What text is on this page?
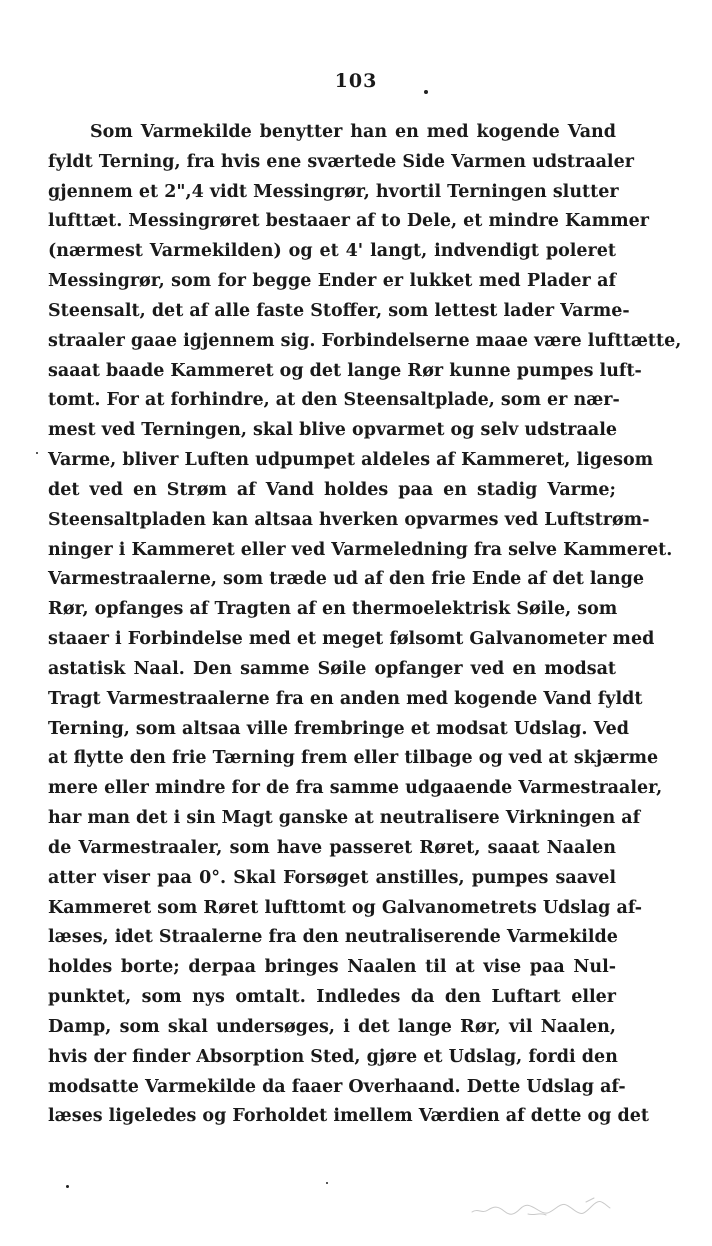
103
Som Varmekilde benytter han en med kogende Vand
fyldt Terning, fra hvis ene sværtede Side Varmen udstraaler
gjennem et 2",4 vidt Messingrør, hvortil Terningen slutter
lufttæt. Messingrøret bestaaer af to Dele, et mindre Kammer
(nærmest Varmekilden) og et 4' langt, indvendigt poleret
Messingrør, som for begge Ender er lukket med Plader af
Steensalt, det af alle faste Stoffer, som lettest lader Varme-
straaler gaae igjennem sig. Forbindelserne maae være lufttætte,
saaat baade Kammeret og det lange Rør kunne pumpes luft-
tomt. For at forhindre, at den Steensaltplade, som er nær-
mest ved Terningen, skal blive opvarmet og selv udstraale
Varme, bliver Luften udpumpet aldeles af Kammeret, ligesom
det ved en Strøm af Vand holdes paa en stadig Varme;
Steensaltpladen kan altsaa hverken opvarmes ved Luftstrøm-
ninger i Kammeret eller ved Varmeledning fra selve Kammeret.
Varmestraalerne, som træde ud af den frie Ende af det lange
Rør, opfanges af Tragten af en thermoelektrisk Søile, som
staaer i Forbindelse med et meget følsomt Galvanometer med
astatisk Naal. Den samme Søile opfanger ved en modsat
Tragt Varmestraalerne fra en anden med kogende Vand fyldt
Terning, som altsaa ville frembringe et modsat Udslag. Ved
at flytte den frie Tærning frem eller tilbage og ved at skjærme
mere eller mindre for de fra samme udgaaende Varmestraaler,
har man det i sin Magt ganske at neutralisere Virkningen af
de Varmestraaler, som have passeret Røret, saaat Naalen
atter viser paa 0°. Skal Forsøget anstilles, pumpes saavel
Kammeret som Røret lufttomt og Galvanometrets Udslag af-
læses, idet Straalerne fra den neutraliserende Varmekilde
holdes borte; derpaa bringes Naalen til at vise paa Nul-
punktet, som nys omtalt. Indledes da den Luftart eller
Damp, som skal undersøges, i det lange Rør, vil Naalen,
hvis der finder Absorption Sted, gjøre et Udslag, fordi den
modsatte Varmekilde da faaer Overhaand. Dette Udslag af-
læses ligeledes og Forholdet imellem Værdien af dette og det
